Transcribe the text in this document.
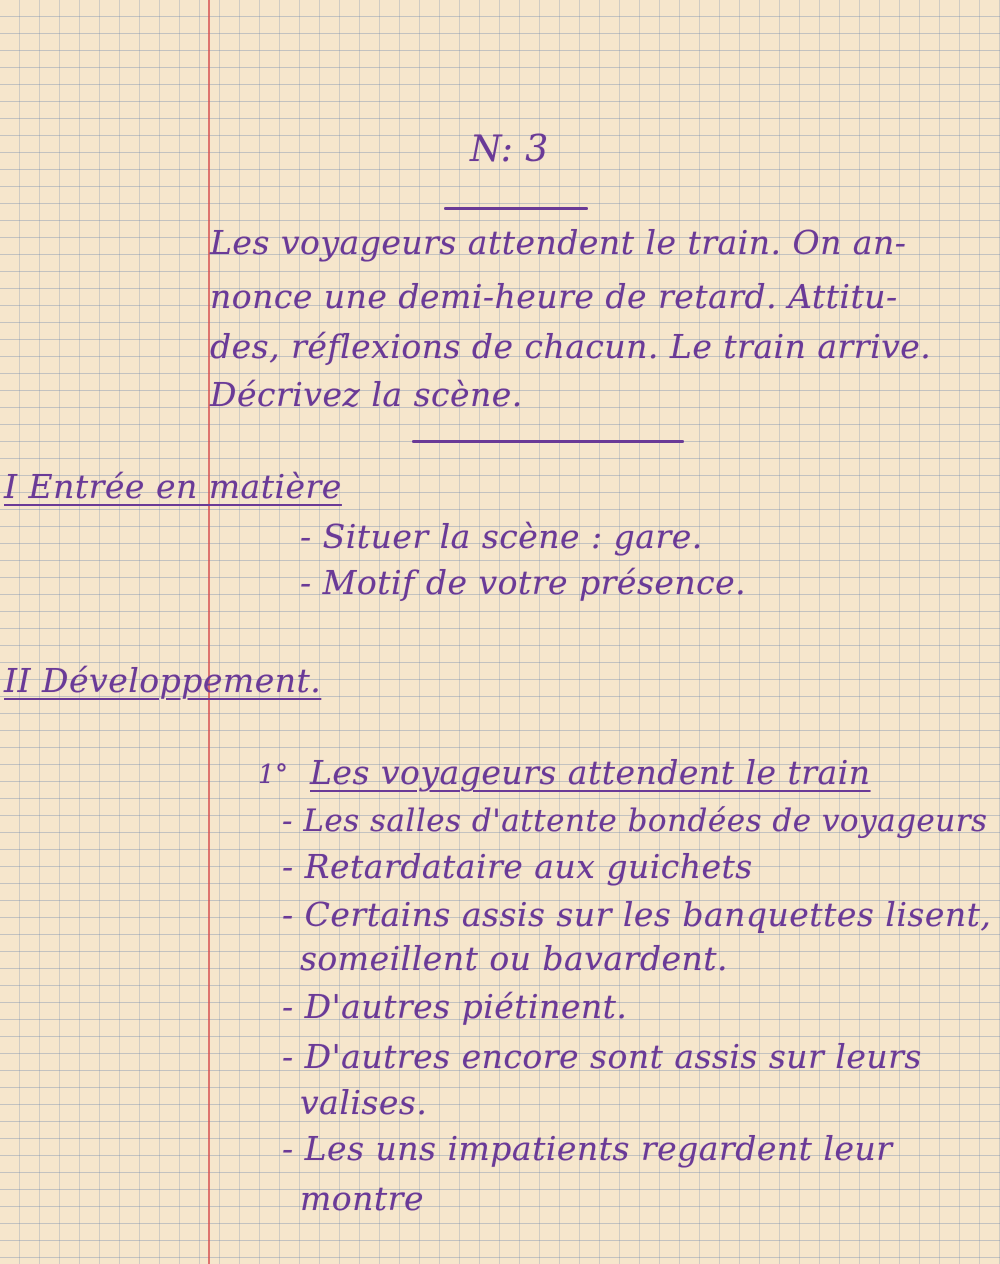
N: 3
Les voyageurs attendent le train. On an-
nonce une demi-heure de retard. Attitu-
des, réflexions de chacun. Le train arrive.
Décrivez la scène.
I Entrée en matière
- Situer la scène : gare.
- Motif de votre présence.
II Développement.
1° Les voyageurs attendent le train
- Les salles d'attente bondées de voyageurs
- Retardataire aux guichets
- Certains assis sur les banquettes lisent,
someillent ou bavardent.
- D'autres piétinent.
- D'autres encore sont assis sur leurs
valises.
- Les uns impatients regardent leur
montre
